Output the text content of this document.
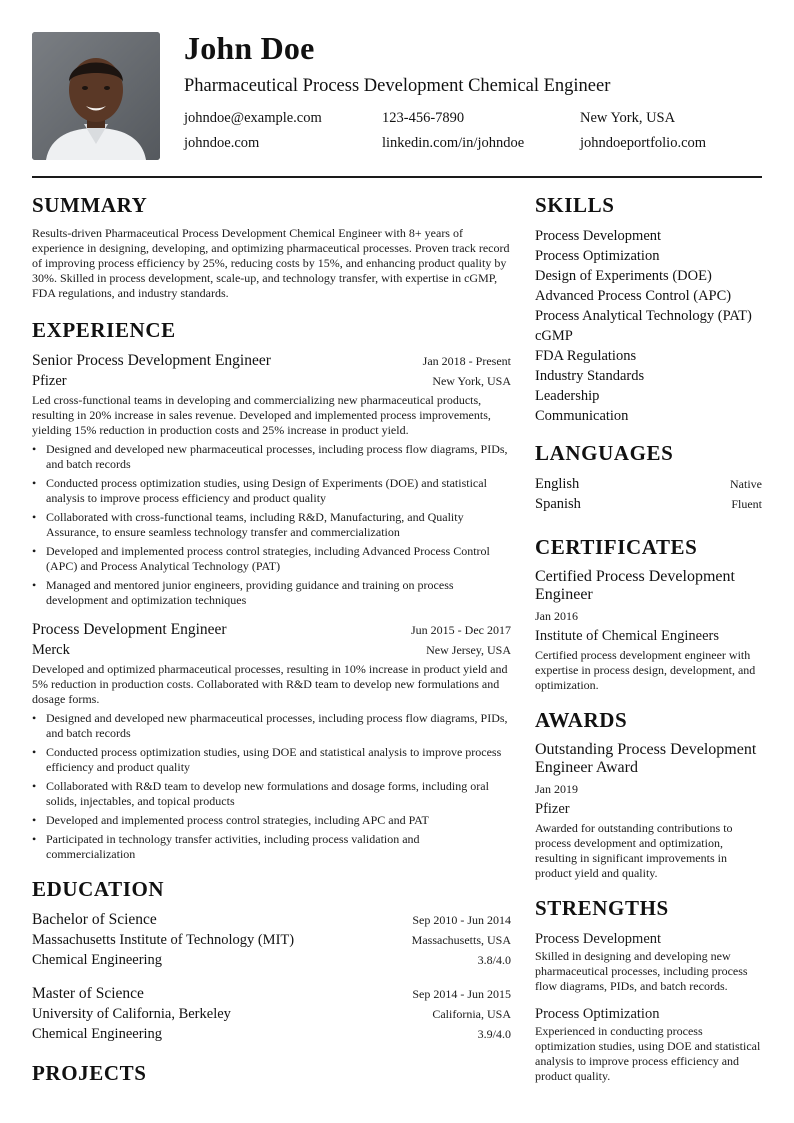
John Doe
Pharmaceutical Process Development Chemical Engineer
johndoe@example.com	123-456-7890	New York, USA
johndoe.com	linkedin.com/in/johndoe	johndoeportfolio.com
SUMMARY
Results-driven Pharmaceutical Process Development Chemical Engineer with 8+ years of experience in designing, developing, and optimizing pharmaceutical processes. Proven track record of improving process efficiency by 25%, reducing costs by 15%, and enhancing product quality by 30%. Skilled in process development, scale-up, and technology transfer, with expertise in cGMP, FDA regulations, and industry standards.
EXPERIENCE
Senior Process Development Engineer	Jan 2018 - Present
Pfizer	New York, USA
Led cross-functional teams in developing and commercializing new pharmaceutical products, resulting in 20% increase in sales revenue. Developed and implemented process improvements, yielding 15% reduction in production costs and 25% increase in product yield.
• Designed and developed new pharmaceutical processes, including process flow diagrams, PIDs, and batch records
• Conducted process optimization studies, using Design of Experiments (DOE) and statistical analysis to improve process efficiency and product quality
• Collaborated with cross-functional teams, including R&D, Manufacturing, and Quality Assurance, to ensure seamless technology transfer and commercialization
• Developed and implemented process control strategies, including Advanced Process Control (APC) and Process Analytical Technology (PAT)
• Managed and mentored junior engineers, providing guidance and training on process development and optimization techniques
Process Development Engineer	Jun 2015 - Dec 2017
Merck	New Jersey, USA
Developed and optimized pharmaceutical processes, resulting in 10% increase in product yield and 5% reduction in production costs. Collaborated with R&D team to develop new formulations and dosage forms.
• Designed and developed new pharmaceutical processes, including process flow diagrams, PIDs, and batch records
• Conducted process optimization studies, using DOE and statistical analysis to improve process efficiency and product quality
• Collaborated with R&D team to develop new formulations and dosage forms, including oral solids, injectables, and topical products
• Developed and implemented process control strategies, including APC and PAT
• Participated in technology transfer activities, including process validation and commercialization
EDUCATION
Bachelor of Science	Sep 2010 - Jun 2014
Massachusetts Institute of Technology (MIT)	Massachusetts, USA
Chemical Engineering	3.8/4.0
Master of Science	Sep 2014 - Jun 2015
University of California, Berkeley	California, USA
Chemical Engineering	3.9/4.0
PROJECTS
SKILLS
Process Development
Process Optimization
Design of Experiments (DOE)
Advanced Process Control (APC)
Process Analytical Technology (PAT)
cGMP
FDA Regulations
Industry Standards
Leadership
Communication
LANGUAGES
English	Native
Spanish	Fluent
CERTIFICATES
Certified Process Development Engineer
Jan 2016
Institute of Chemical Engineers
Certified process development engineer with expertise in process design, development, and optimization.
AWARDS
Outstanding Process Development Engineer Award
Jan 2019
Pfizer
Awarded for outstanding contributions to process development and optimization, resulting in significant improvements in product yield and quality.
STRENGTHS
Process Development
Skilled in designing and developing new pharmaceutical processes, including process flow diagrams, PIDs, and batch records.
Process Optimization
Experienced in conducting process optimization studies, using DOE and statistical analysis to improve process efficiency and product quality.
